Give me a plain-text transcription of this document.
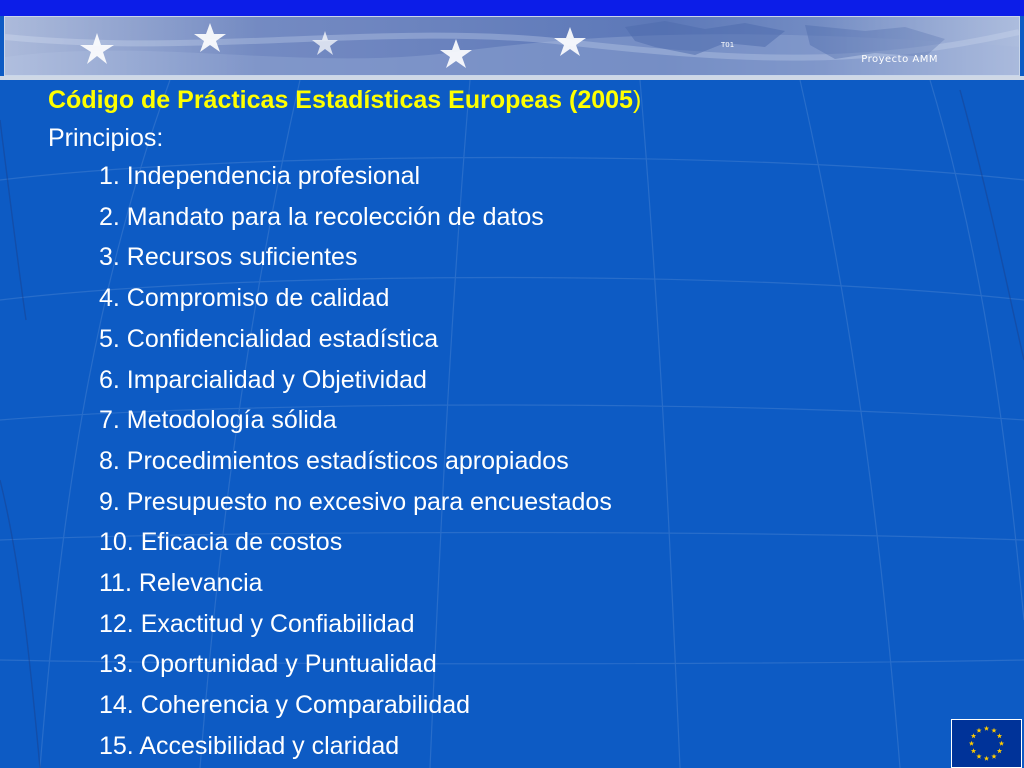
Proyecto AMM

Código de Prácticas Estadísticas Europeas (2005)

Principios:

1. Independencia profesional
2. Mandato para la recolección de datos
3. Recursos suficientes
4. Compromiso de calidad
5. Confidencialidad estadística
6. Imparcialidad y Objetividad
7. Metodología sólida
8. Procedimientos estadísticos apropiados
9. Presupuesto no excesivo para encuestados
10. Eficacia de costos
11. Relevancia
12. Exactitud y Confiabilidad
13. Oportunidad y Puntualidad
14. Coherencia y Comparabilidad
15. Accesibilidad y claridad
